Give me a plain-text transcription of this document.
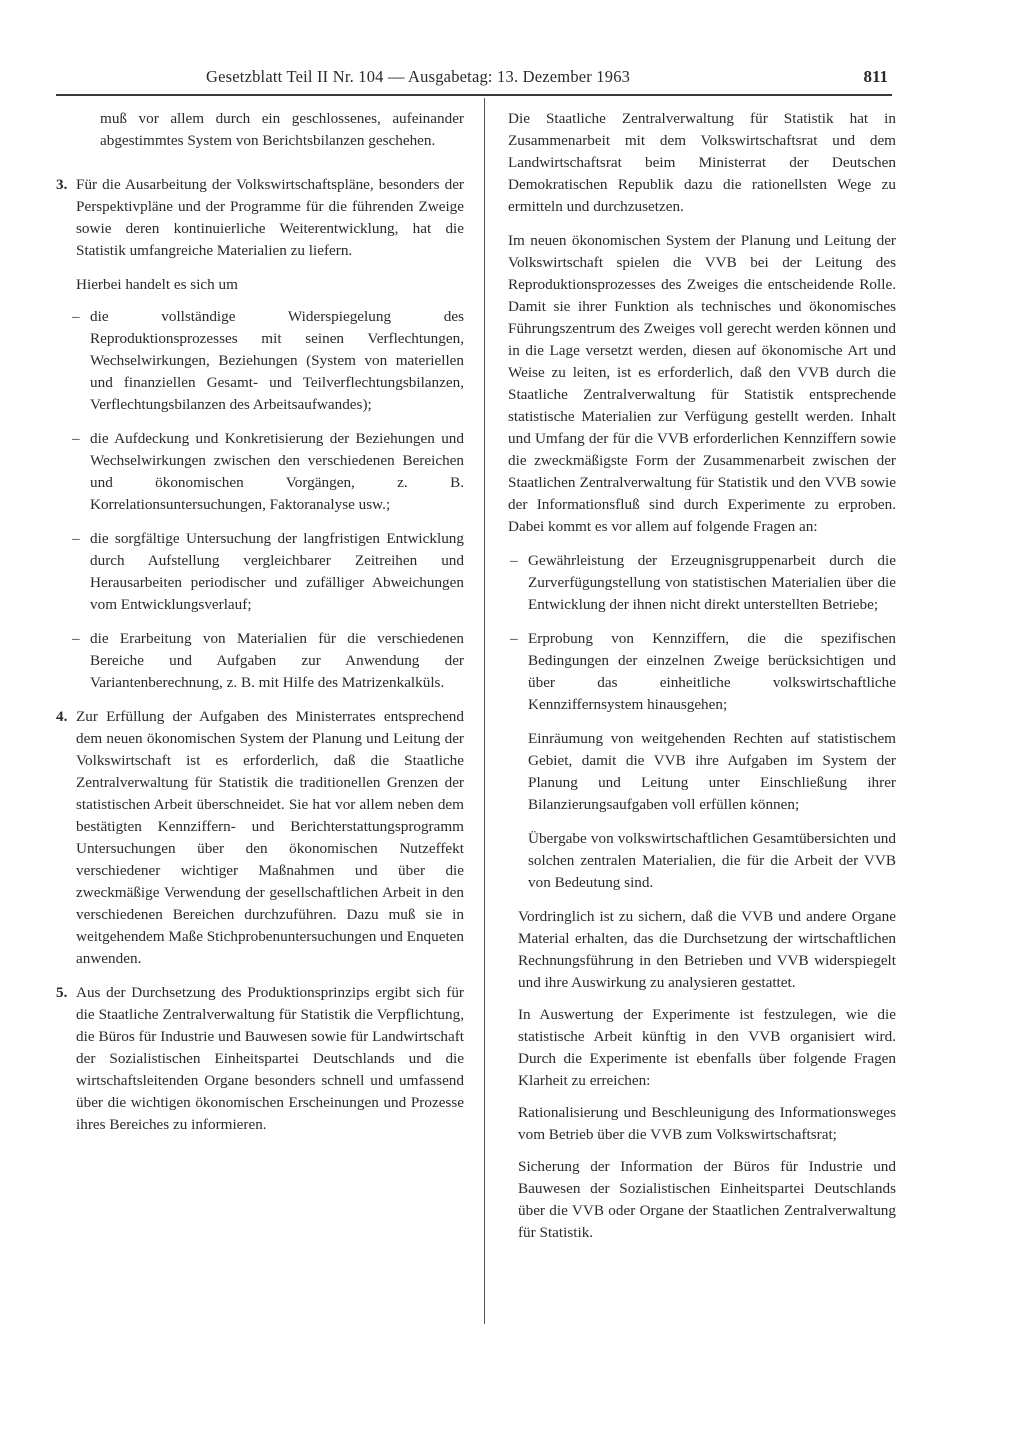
Gesetzblatt Teil II Nr. 104 — Ausgabetag: 13. Dezember 1963	811

muß vor allem durch ein geschlossenes, aufeinander abgestimmtes System von Berichtsbilanzen geschehen.

3. Für die Ausarbeitung der Volkswirtschaftspläne, besonders der Perspektivpläne und der Programme für die führenden Zweige sowie deren kontinuierliche Weiterentwicklung, hat die Statistik umfangreiche Materialien zu liefern.

Hierbei handelt es sich um

– die vollständige Widerspiegelung des Reproduktionsprozesses mit seinen Verflechtungen, Wechselwirkungen, Beziehungen (System von materiellen und finanziellen Gesamt- und Teilverflechtungsbilanzen, Verflechtungsbilanzen des Arbeitsaufwandes);

– die Aufdeckung und Konkretisierung der Beziehungen und Wechselwirkungen zwischen den verschiedenen Bereichen und ökonomischen Vorgängen, z. B. Korrelationsuntersuchungen, Faktoranalyse usw.;

– die sorgfältige Untersuchung der langfristigen Entwicklung durch Aufstellung vergleichbarer Zeitreihen und Herausarbeiten periodischer und zufälliger Abweichungen vom Entwicklungsverlauf;

– die Erarbeitung von Materialien für die verschiedenen Bereiche und Aufgaben zur Anwendung der Variantenberechnung, z. B. mit Hilfe des Matrizenkalküls.

4. Zur Erfüllung der Aufgaben des Ministerrates entsprechend dem neuen ökonomischen System der Planung und Leitung der Volkswirtschaft ist es erforderlich, daß die Staatliche Zentralverwaltung für Statistik die traditionellen Grenzen der statistischen Arbeit überschneidet. Sie hat vor allem neben dem bestätigten Kennziffern- und Berichterstattungsprogramm Untersuchungen über den ökonomischen Nutzeffekt verschiedener wichtiger Maßnahmen und über die zweckmäßige Verwendung der gesellschaftlichen Arbeit in den verschiedenen Bereichen durchzuführen. Dazu muß sie in weitgehendem Maße Stichprobenuntersuchungen und Enqueten anwenden.

5. Aus der Durchsetzung des Produktionsprinzips ergibt sich für die Staatliche Zentralverwaltung für Statistik die Verpflichtung, die Büros für Industrie und Bauwesen sowie für Landwirtschaft der Sozialistischen Einheitspartei Deutschlands und die wirtschaftsleitenden Organe besonders schnell und umfassend über die wichtigen ökonomischen Erscheinungen und Prozesse ihres Bereiches zu informieren.

Die Staatliche Zentralverwaltung für Statistik hat in Zusammenarbeit mit dem Volkswirtschaftsrat und dem Landwirtschaftsrat beim Ministerrat der Deutschen Demokratischen Republik dazu die rationellsten Wege zu ermitteln und durchzusetzen.

Im neuen ökonomischen System der Planung und Leitung der Volkswirtschaft spielen die VVB bei der Leitung des Reproduktionsprozesses des Zweiges die entscheidende Rolle. Damit sie ihrer Funktion als technisches und ökonomisches Führungszentrum des Zweiges voll gerecht werden können und in die Lage versetzt werden, diesen auf ökonomische Art und Weise zu leiten, ist es erforderlich, daß den VVB durch die Staatliche Zentralverwaltung für Statistik entsprechende statistische Materialien zur Verfügung gestellt werden. Inhalt und Umfang der für die VVB erforderlichen Kennziffern sowie die zweckmäßigste Form der Zusammenarbeit zwischen der Staatlichen Zentralverwaltung für Statistik und den VVB sowie der Informationsfluß sind durch Experimente zu erproben. Dabei kommt es vor allem auf folgende Fragen an:

– Gewährleistung der Erzeugnisgruppenarbeit durch die Zurverfügungstellung von statistischen Materialien über die Entwicklung der ihnen nicht direkt unterstellten Betriebe;

– Erprobung von Kennziffern, die die spezifischen Bedingungen der einzelnen Zweige berücksichtigen und über das einheitliche volkswirtschaftliche Kennziffernsystem hinausgehen;

Einräumung von weitgehenden Rechten auf statistischem Gebiet, damit die VVB ihre Aufgaben im System der Planung und Leitung unter Einschließung ihrer Bilanzierungsaufgaben voll erfüllen können;

Übergabe von volkswirtschaftlichen Gesamtübersichten und solchen zentralen Materialien, die für die Arbeit der VVB von Bedeutung sind.

Vordringlich ist zu sichern, daß die VVB und andere Organe Material erhalten, das die Durchsetzung der wirtschaftlichen Rechnungsführung in den Betrieben und VVB widerspiegelt und ihre Auswirkung zu analysieren gestattet.

In Auswertung der Experimente ist festzulegen, wie die statistische Arbeit künftig in den VVB organisiert wird. Durch die Experimente ist ebenfalls über folgende Fragen Klarheit zu erreichen:

Rationalisierung und Beschleunigung des Informationsweges vom Betrieb über die VVB zum Volkswirtschaftsrat;

Sicherung der Information der Büros für Industrie und Bauwesen der Sozialistischen Einheitspartei Deutschlands über die VVB oder Organe der Staatlichen Zentralverwaltung für Statistik.
